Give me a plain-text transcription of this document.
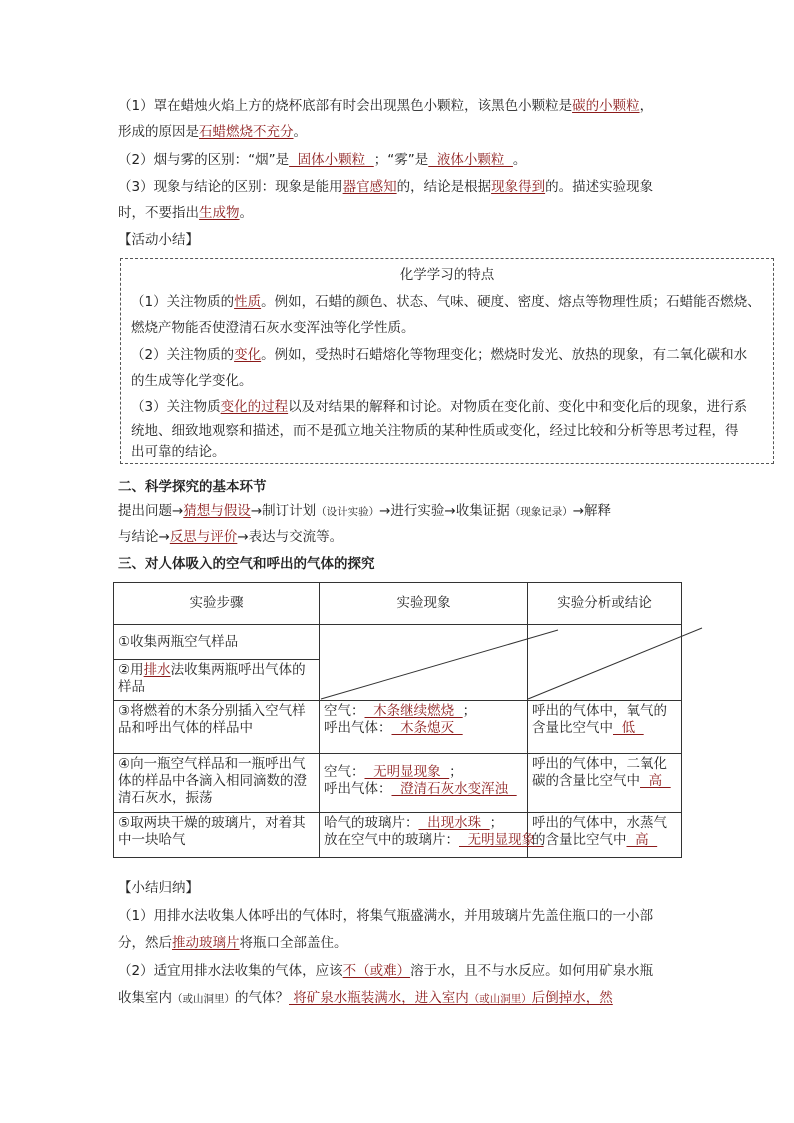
（1）罩在蜡烛火焰上方的烧杯底部有时会出现黑色小颗粒，该黑色小颗粒是碳的小颗粒，
形成的原因是石蜡燃烧不充分。
（2）烟与雾的区别：“烟”是  固体小颗粒  ；“雾”是  液体小颗粒  。
（3）现象与结论的区别：现象是能用器官感知的，结论是根据现象得到的。描述实验现象
时，不要指出生成物。
【活动小结】
化学学习的特点
（1）关注物质的性质。例如，石蜡的颜色、状态、气味、硬度、密度、熔点等物理性质；石蜡能否燃烧、
燃烧产物能否使澄清石灰水变浑浊等化学性质。
（2）关注物质的变化。例如，受热时石蜡熔化等物理变化；燃烧时发光、放热的现象，有二氧化碳和水
的生成等化学变化。
（3）关注物质变化的过程以及对结果的解释和讨论。对物质在变化前、变化中和变化后的现象，进行系
统地、细致地观察和描述，而不是孤立地关注物质的某种性质或变化，经过比较和分析等思考过程，得
出可靠的结论。
二、科学探究的基本环节
提出问题→猜想与假设→制订计划（设计实验）→进行实验→收集证据（现象记录）→解释
与结论→反思与评价→表达与交流等。
三、对人体吸入的空气和呼出的气体的探究
实验步骤	实验现象	实验分析或结论
①收集两瓶空气样品		
②用排水法收集两瓶呼出气体的样品		
③将燃着的木条分别插入空气样品和呼出气体的样品中	空气：  木条继续燃烧  ；
呼出气体：  木条熄灭	呼出的气体中，氧气的含量比空气中  低
④向一瓶空气样品和一瓶呼出气体的样品中各滴入相同滴数的澄清石灰水，振荡	空气：  无明显现象  ；
呼出气体：  澄清石灰水变浑浊	呼出的气体中，二氧化碳的含量比空气中  高
⑤取两块干燥的玻璃片，对着其中一块哈气	哈气的玻璃片：  出现水珠  ；
放在空气中的玻璃片：  无明显现象	呼出的气体中，水蒸气的含量比空气中  高
【小结归纳】
（1）用排水法收集人体呼出的气体时，将集气瓶盛满水，并用玻璃片先盖住瓶口的一小部
分，然后推动玻璃片将瓶口全部盖住。
（2）适宜用排水法收集的气体，应该不（或难）溶于水，且不与水反应。如何用矿泉水瓶
收集室内（或山洞里）的气体？ 将矿泉水瓶装满水，进入室内（或山洞里）后倒掉水，然
